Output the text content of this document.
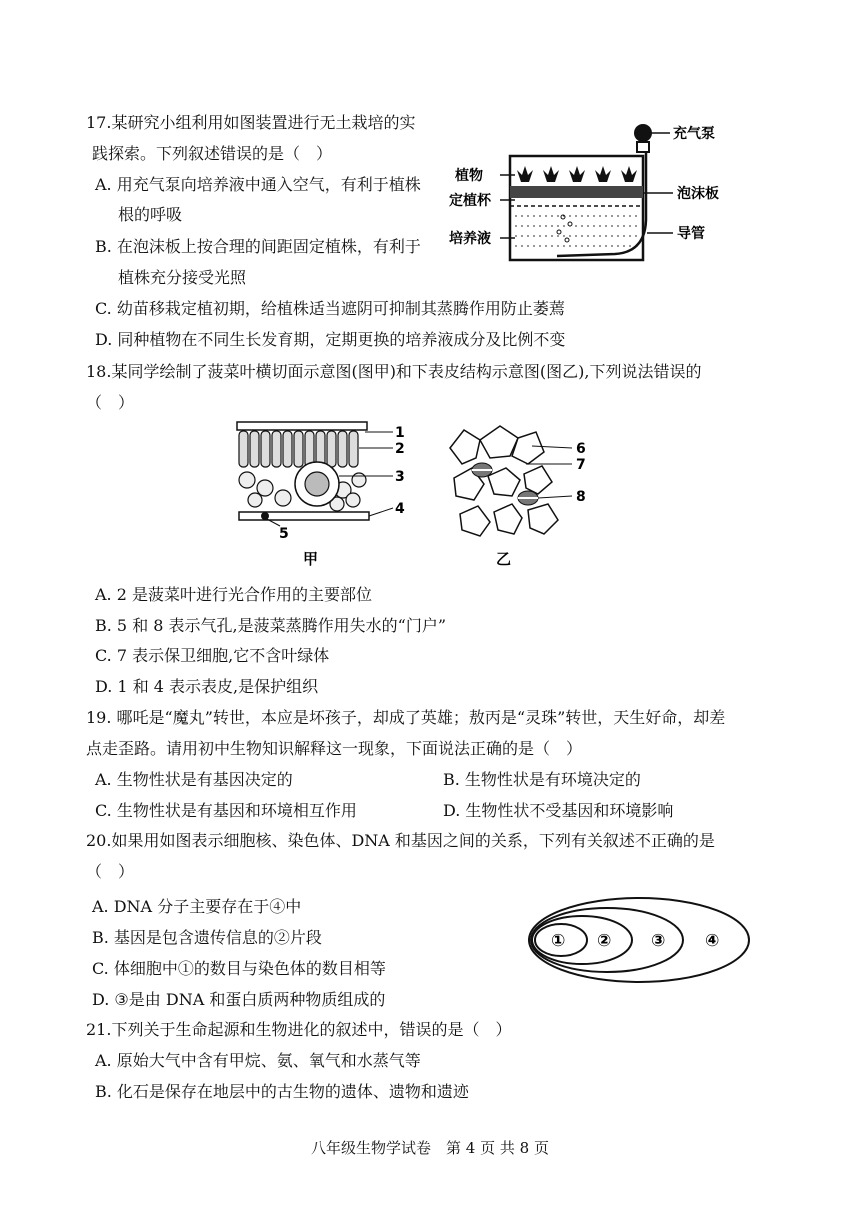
17.某研究小组利用如图装置进行无土栽培的实
践探索。下列叙述错误的是（　）
A. 用充气泵向培养液中通入空气，有利于植株
根的呼吸
B. 在泡沫板上按合理的间距固定植株，有利于
植株充分接受光照
C. 幼苗移栽定植初期，给植株适当遮阴可抑制其蒸腾作用防止萎蔫
D. 同种植物在不同生长发育期，定期更换的培养液成分及比例不变
充气泵
植物
泡沫板
定植杯
导管
培养液
18.某同学绘制了菠菜叶横切面示意图(图甲)和下表皮结构示意图(图乙),下列说法错误的
（　）
1
2
3
4
5
甲
6
7
8
乙
A. 2 是菠菜叶进行光合作用的主要部位
B. 5 和 8 表示气孔,是菠菜蒸腾作用失水的“门户”
C. 7 表示保卫细胞,它不含叶绿体
D. 1 和 4 表示表皮,是保护组织
19. 哪吒是“魔丸”转世，本应是坏孩子，却成了英雄；敖丙是“灵珠”转世，天生好命，却差
点走歪路。请用初中生物知识解释这一现象，下面说法正确的是（　）
A. 生物性状是有基因决定的	B. 生物性状是有环境决定的
C. 生物性状是有基因和环境相互作用	D. 生物性状不受基因和环境影响
20.如果用如图表示细胞核、染色体、DNA 和基因之间的关系，下列有关叙述不正确的是
（　）
A. DNA 分子主要存在于④中
B. 基因是包含遗传信息的②片段
C. 体细胞中①的数目与染色体的数目相等
D. ③是由 DNA 和蛋白质两种物质组成的
① ② ③ ④
21.下列关于生命起源和生物进化的叙述中，错误的是（　）
A. 原始大气中含有甲烷、氨、氧气和水蒸气等
B. 化石是保存在地层中的古生物的遗体、遗物和遗迹
八年级生物学试卷　第 4 页 共 8 页
